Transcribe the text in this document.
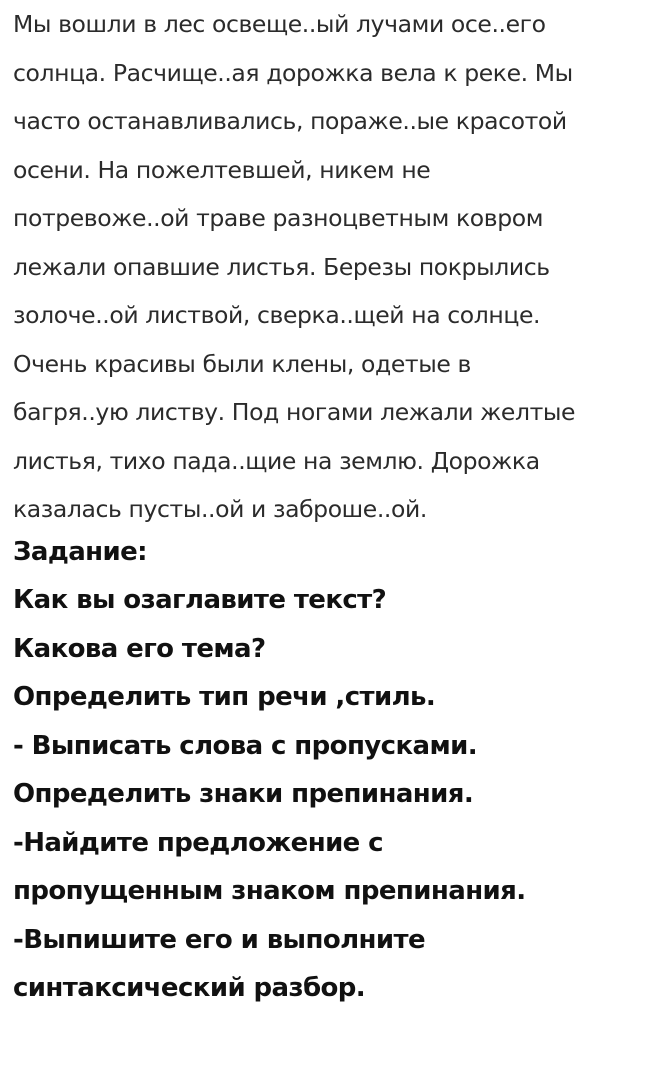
Мы вошли в лес освеще..ый лучами осе..его
солнца. Расчище..ая дорожка вела к реке. Мы
часто останавливались, пораже..ые красотой
осени. На пожелтевшей, никем не
потревоже..ой траве разноцветным ковром
лежали опавшие листья. Березы покрылись
золоче..ой листвой, сверка..щей на солнце.
Очень красивы были клены, одетые в
багря..ую листву. Под ногами лежали желтые
листья, тихо пада..щие на землю. Дорожка
казалась пусты..ой и заброше..ой.
Задание:
Как вы озаглавите текст?
Какова его тема?
Определить тип речи ,стиль.
- Выписать слова с пропусками.
Определить знаки препинания.
-Найдите предложение с
пропущенным знаком препинания.
-Выпишите его и выполните
синтаксический разбор.
